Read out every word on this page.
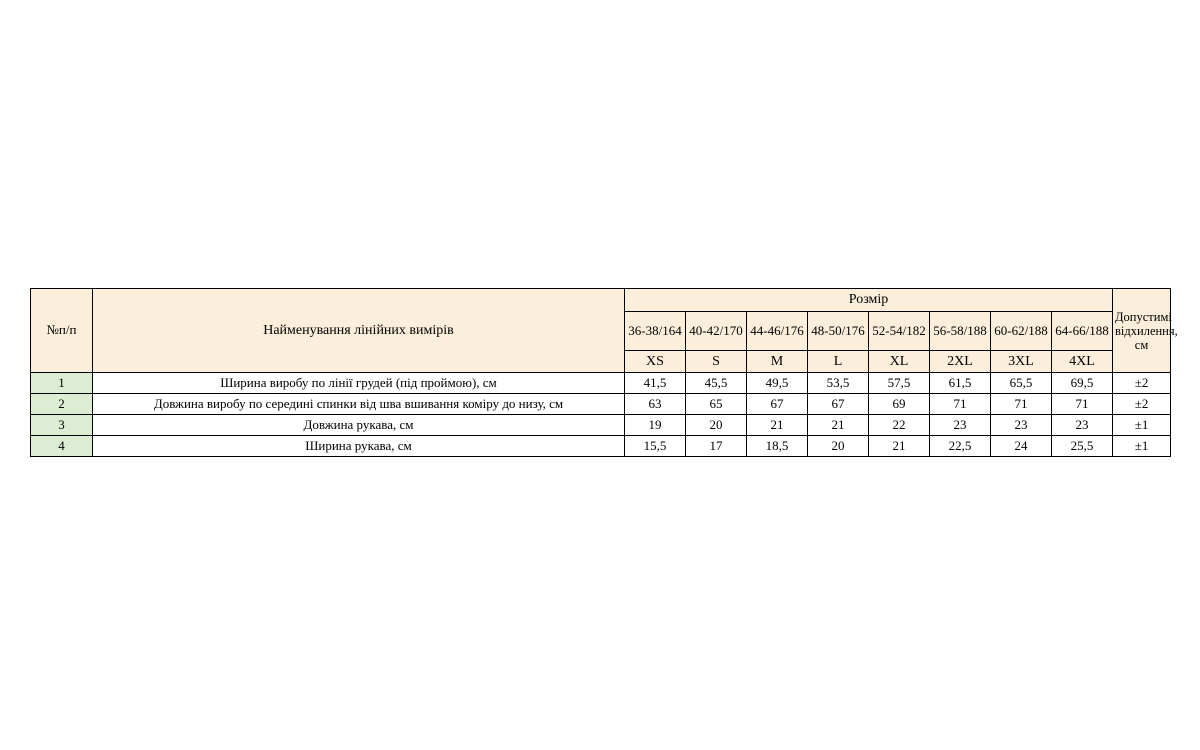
№п/п	Найменування лінійних вимірів	Розмір								Допустимі відхилення, см
		36-38/164	40-42/170	44-46/176	48-50/176	52-54/182	56-58/188	60-62/188	64-66/188	
		XS	S	M	L	XL	2XL	3XL	4XL	
1	Ширина виробу по лінії грудей (під проймою), см	41,5	45,5	49,5	53,5	57,5	61,5	65,5	69,5	±2
2	Довжина виробу по середині спинки від шва вшивання коміру до низу, см	63	65	67	67	69	71	71	71	±2
3	Довжина рукава, см	19	20	21	21	22	23	23	23	±1
4	Ширина рукава, см	15,5	17	18,5	20	21	22,5	24	25,5	±1
